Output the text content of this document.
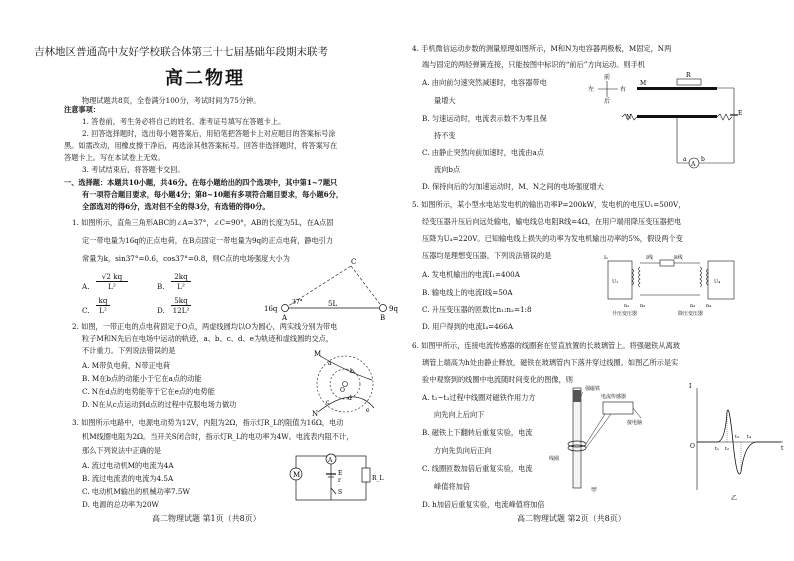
吉林地区普通高中友好学校联合体第三十七届基础年段期末联考
高二物理
物理试题共8页，全卷满分100分，考试时间为75分钟。
注意事项：
1. 答卷前，考生务必将自己的姓名、准考证号填写在答题卡上。
2. 回答选择题时，选出每小题答案后，用铅笔把答题卡上对应题目的答案标号涂
黑。如需改动，用橡皮擦干净后，再选涂其他答案标号。回答非选择题时，将答案写在
答题卡上。写在本试卷上无效。
3. 考试结束后，将答题卡交回。
一、选择题：本题共10小题，共46分。在每小题给出的四个选项中，其中第1~7题只
有一项符合题目要求，每小题4分；第8~10题有多项符合题目要求，每小题6分，
全部选对的得6分，选对但不全的得3分，有选错的得0分。
1. 如图所示，直角三角形ABC的∠A=37°，∠C=90°，AB的长度为5L，在A点固
定一带电量为16q的正点电荷，在B点固定一带电量为9q的正点电荷，静电引力
常量为k，sin37°=0.6，cos37°=0.8，则C点的电场强度大小为
A.
√2 kq
L²	B.
2kq
L²
C.
kq
L²	D.
5kq
12L²
C
A	B
37°	5L
16q	9q
2. 如图，一带正电的点电荷固定于O点，两虚线圆均以O为圆心，两实线分别为带电
粒子M和N先后在电场中运动的轨迹，a、b、c、d、e为轨迹和虚线圆的交点，
不计重力。下列说法错误的是
A. M带负电荷，N带正电荷
B. M在b点的动能小于它在a点的动能
C. N在d点的电势能等于它在e点的电势能
D. N在从c点运动到d点的过程中克服电场力做功
M
N
O
a
b
c
d
e
3. 如图所示电路中，电源电动势为12V，内阻为2Ω，指示灯R_L的阻值为16Ω，电动
机M线圈电阻为2Ω。当开关S闭合时，指示灯R_L的电功率为4W。电流表内阻不计，
那么下列说法中正确的是
A. 流过电动机M的电流为4A
B. 流过电流表的电流为4.5A
C. 电动机M输出的机械功率7.5W
D. 电源的总功率为20W
M
A
E
r
S
R_L
高二物理试题 第1页（共8页）
4. 手机微信运动步数的测量原理如图所示，M和N为电容器两极板，M固定，N两
端与固定的两轻弹簧连接，只能按图中标识的“前后”方向运动。则手机
A. 由向前匀速突然减速时，电容器带电
量增大
B. 匀速运动时，电流表示数不为零且保
持不变
C. 由静止突然向前加速时，电流由a点
流向b点
D. 保持向后的匀加速运动时，M、N之间的电场强度增大
前
后
左	右
M
N
R
E
A
a b
5. 如图所示，某小型水电站发电机的输出功率P=200kW，发电机的电压U₁=500V，
经变压器升压后向远处输电，输电线总电阻R线=4Ω，在用户端用降压变压器把电
压降为U₄=220V。已知输电线上损失的功率为发电机输出功率的5%，假设两个变
压器均是理想变压器，下列说法错误的是
A. 发电机输出的电流I₁=400A
B. 输电线上的电流I线=50A
C. 升压变压器的匝数比n₁:n₂=1:8
D. 用户得到的电流I₄=466A
I₁
U₁
n₁ n₂
I线	R线
n₃ n₄
U₄
升压变压器	降压变压器
6. 如图甲所示，连接电流传感器的线圈套在竖直放置的长玻璃管上。将强磁铁从离玻
璃管上端高为h处由静止释放，磁铁在玻璃管内下落并穿过线圈。如图乙所示是实
验中观察到的线圈中电流随时间变化的图像，则
A. t₁~t₃过程中线圈对磁铁作用力方
向先向上后向下
B. 磁铁上下翻转后重复实验，电流
方向先负向后正向
C. 线圈匝数加倍后重复实验，电流
峰值将加倍
D. h加倍后重复实验，电流峰值将加倍
强磁铁
线圈
电流传感器
接电脑
甲
I
O	t
t₁ t₂
t₃ t₄
乙
高二物理试题 第2页（共8页）
